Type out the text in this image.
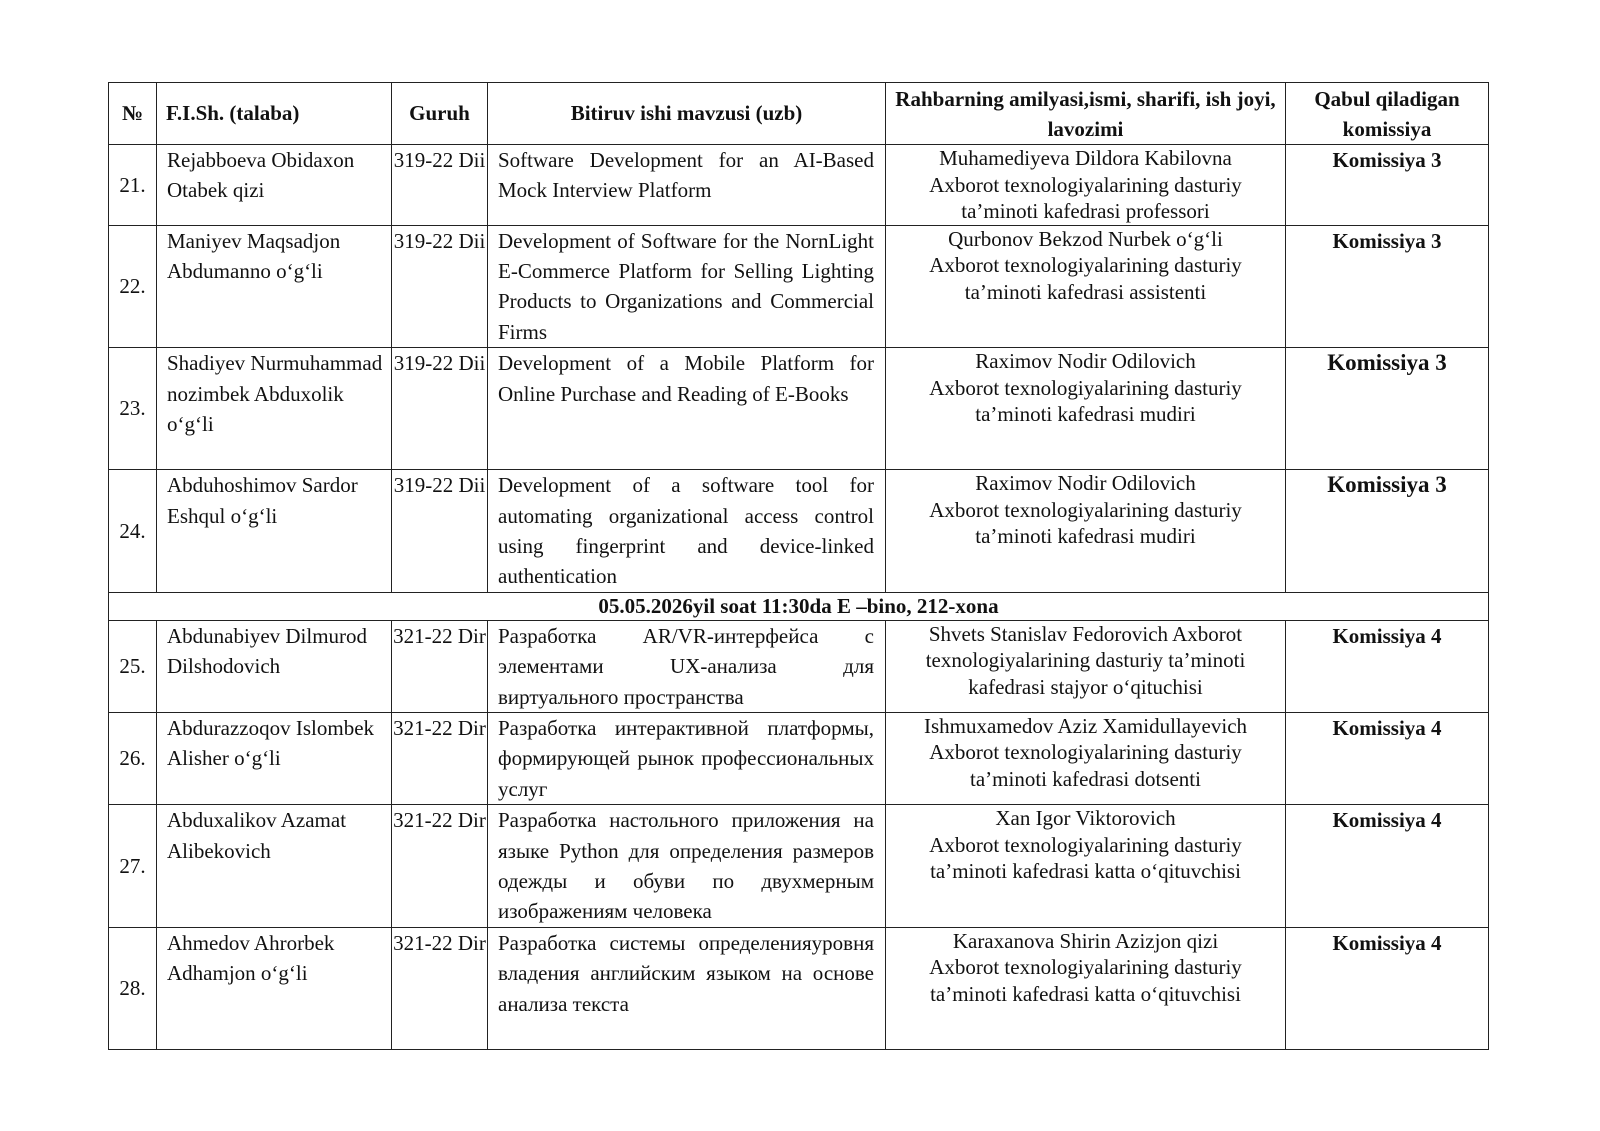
№	F.I.Sh. (talaba)	Guruh	Bitiruv ishi mavzusi (uzb)	Rahbarning amilyasi,ismi, sharifi, ish joyi, lavozimi	Qabul qiladigan komissiya
21.	Rejabboeva Obidaxon Otabek qizi	319-22 Dii	Software Development for an AI-Based Mock Interview Platform	Muhamediyeva Dildora Kabilovna
Axborot texnologiyalarining dasturiy ta’minoti kafedrasi professori	Komissiya 3
22.	Maniyev Maqsadjon Abdumanno o‘g‘li	319-22 Dii	Development of Software for the NornLight E-Commerce Platform for Selling Lighting Products to Organizations and Commercial Firms	Qurbonov Bekzod Nurbek o‘g‘li
Axborot texnologiyalarining dasturiy ta’minoti kafedrasi assistenti	Komissiya 3
23.	Shadiyev Nurmuhammad nozimbek Abduxolik o‘g‘li	319-22 Dii	Development of a Mobile Platform for Online Purchase and Reading of E-Books	Raximov Nodir Odilovich
Axborot texnologiyalarining dasturiy ta’minoti kafedrasi mudiri	Komissiya 3
24.	Abduhoshimov Sardor Eshqul o‘g‘li	319-22 Dii	Development of a software tool for automating organizational access control using fingerprint and device-linked authentication	Raximov Nodir Odilovich
Axborot texnologiyalarining dasturiy ta’minoti kafedrasi mudiri	Komissiya 3
05.05.2026yil soat 11:30da E –bino, 212-xona					
25.	Abdunabiyev Dilmurod Dilshodovich	321-22 Dir	Разработка AR/VR-интерфейса с элементами UX-анализа для виртуального пространства	Shvets Stanislav Fedorovich Axborot
texnologiyalarining dasturiy ta’minoti kafedrasi stajyor o‘qituchisi	Komissiya 4
26.	Abdurazzoqov Islombek Alisher o‘g‘li	321-22 Dir	Разработка интерактивной платформы, формирующей рынок профессиональных услуг	Ishmuxamedov Aziz Xamidullayevich
Axborot texnologiyalarining dasturiy ta’minoti kafedrasi dotsenti	Komissiya 4
27.	Abduxalikov Azamat Alibekovich	321-22 Dir	Разработка настольного приложения на языке Python для определения размеров одежды и обуви по двухмерным изображениям человека	Xan Igor Viktorovich
Axborot texnologiyalarining dasturiy ta’minoti kafedrasi katta o‘qituvchisi	Komissiya 4
28.	Ahmedov Ahrorbek Adhamjon o‘g‘li	321-22 Dir	Разработка системы определенияуровня владения английским языком на основе анализа текста	Karaxanova Shirin Azizjon qizi
Axborot texnologiyalarining dasturiy ta’minoti kafedrasi katta o‘qituvchisi	Komissiya 4
